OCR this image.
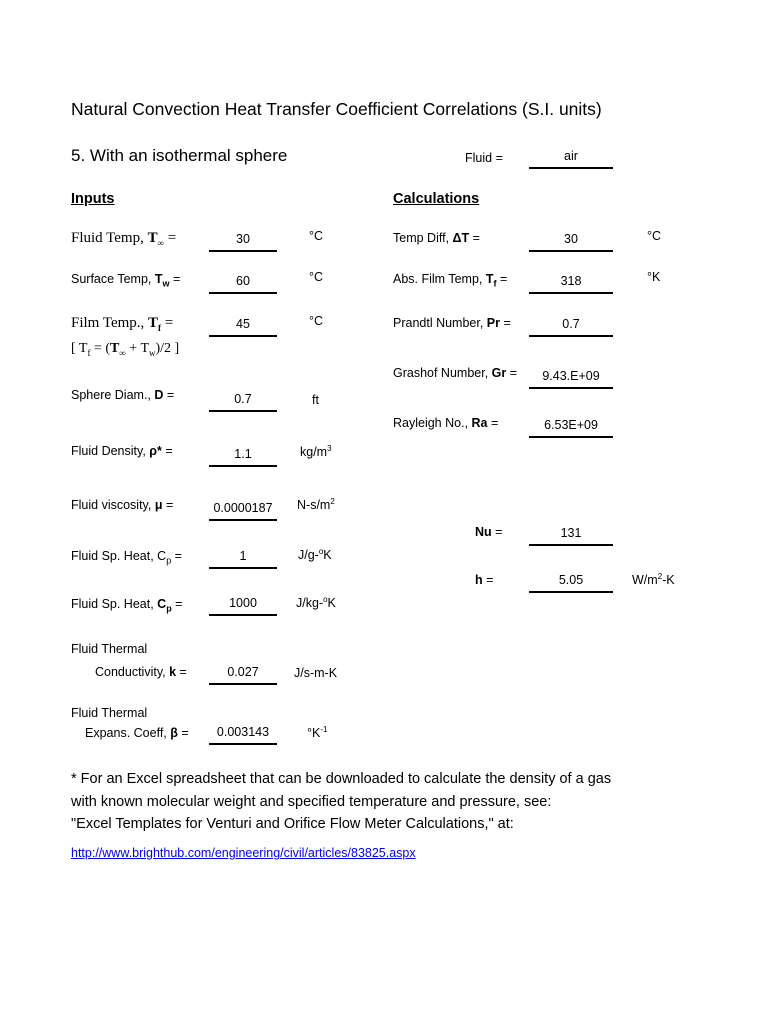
Natural Convection Heat Transfer Coefficient Correlations (S.I. units)
5. With an isothermal sphere	Fluid =	air
Inputs	Calculations
Fluid Temp, $T_\infty$ =	30	°C
Surface Temp, $T_w$ =	60	°C
Film Temp., $T_f$ =	45	°C
[ $T_f = (T_\infty + T_w)/2$ ]
Sphere Diam., D =	0.7	ft
Fluid Density, ρ* =	1.1	$kg/m^3$
Fluid viscosity, μ =	0.0000187	$N-s/m^2$
Fluid Sp. Heat, $C_p$ =	1	J/g-$^o$K
Fluid Sp. Heat, $C_p$ =	1000	J/kg-$^o$K
Fluid Thermal
Conductivity, k =	0.027	J/s-m-K
Fluid Thermal
Expans. Coeff, β =	0.003143	$^\circ K^{-1}$
Temp Diff, ΔT =	30	°C
Abs. Film Temp, $T_f$ =	318	°K
Prandtl Number, Pr =	0.7
Grashof Number, Gr =	9.43.E+09
Rayleigh No., Ra =	6.53E+09
Nu =	131
h =	5.05	$W/m^2-K$
* For an Excel spreadsheet that can be downloaded to calculate the density of a gas
with known molecular weight and specified temperature and pressure, see:
"Excel Templates for Venturi and Orifice Flow Meter Calculations," at:
http://www.brighthub.com/engineering/civil/articles/83825.aspx
